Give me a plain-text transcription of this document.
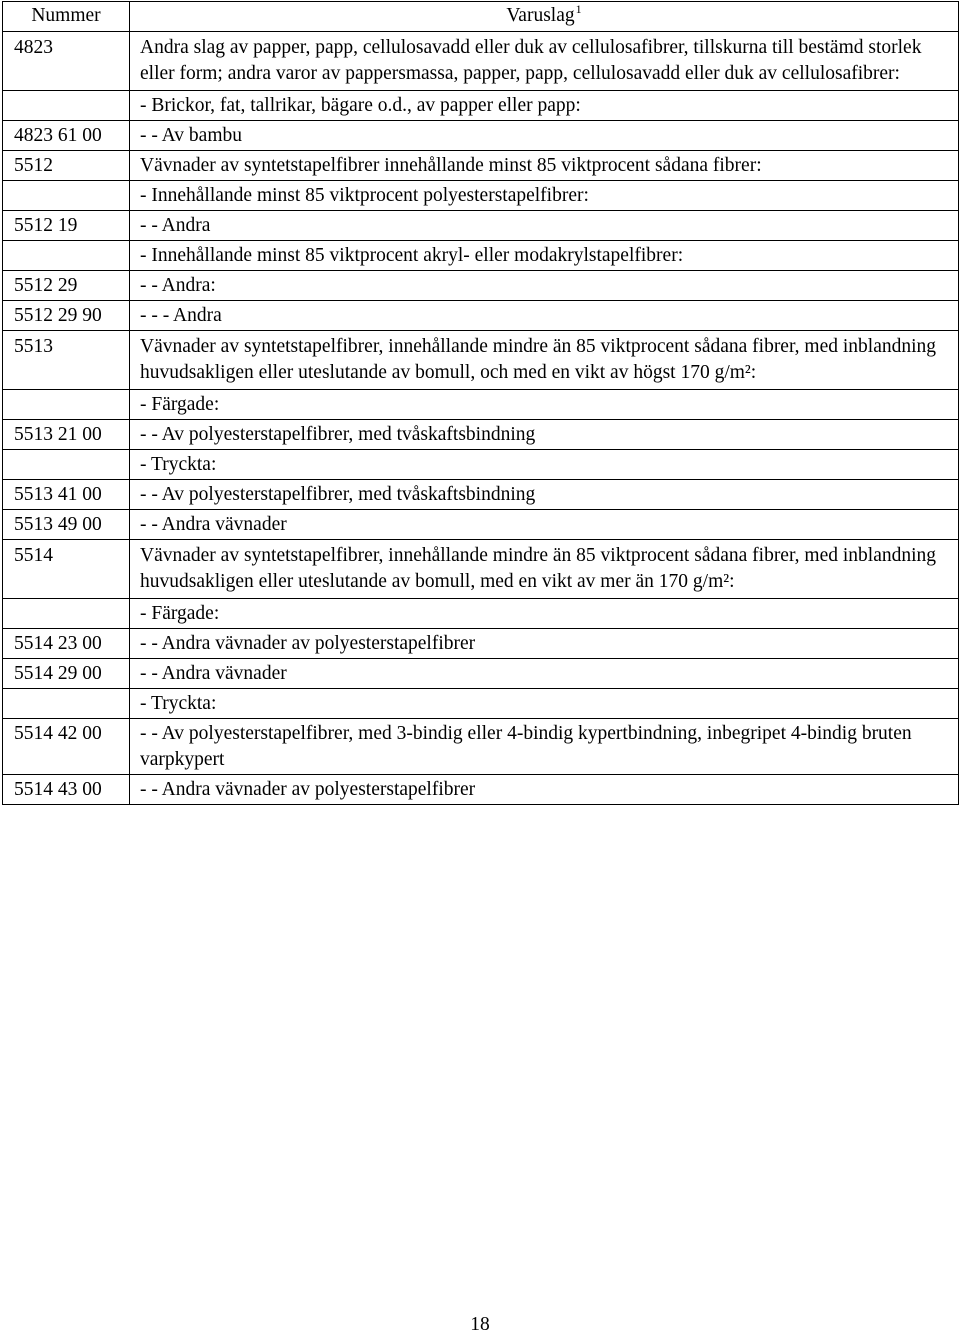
Nummer	Varuslag$^1$
4823	Andra slag av papper, papp, cellulosavadd eller duk av cellulosafibrer, tillskurna till bestämd storlek eller form; andra varor av pappersmassa, papper, papp, cellulosavadd eller duk av cellulosafibrer:
	- Brickor, fat, tallrikar, bägare o.d., av papper eller papp:
4823 61 00	- - Av bambu
5512	Vävnader av syntetstapelfibrer innehållande minst 85 viktprocent sådana fibrer:
	- Innehållande minst 85 viktprocent polyesterstapelfibrer:
5512 19	- - Andra
	- Innehållande minst 85 viktprocent akryl- eller modakrylstapelfibrer:
5512 29	- - Andra:
5512 29 90	- - - Andra
5513	Vävnader av syntetstapelfibrer, innehållande mindre än 85 viktprocent sådana fibrer, med inblandning huvudsakligen eller uteslutande av bomull, och med en vikt av högst 170 g/m²:
	- Färgade:
5513 21 00	- - Av polyesterstapelfibrer, med tvåskaftsbindning
	- Tryckta:
5513 41 00	- - Av polyesterstapelfibrer, med tvåskaftsbindning
5513 49 00	- - Andra vävnader
5514	Vävnader av syntetstapelfibrer, innehållande mindre än 85 viktprocent sådana fibrer, med inblandning huvudsakligen eller uteslutande av bomull, med en vikt av mer än 170 g/m²:
	- Färgade:
5514 23 00	- - Andra vävnader av polyesterstapelfibrer
5514 29 00	- - Andra vävnader
	- Tryckta:
5514 42 00	- - Av polyesterstapelfibrer, med 3-bindig eller 4-bindig kypertbindning, inbegripet 4-bindig bruten varpkypert
5514 43 00	- - Andra vävnader av polyesterstapelfibrer
18
